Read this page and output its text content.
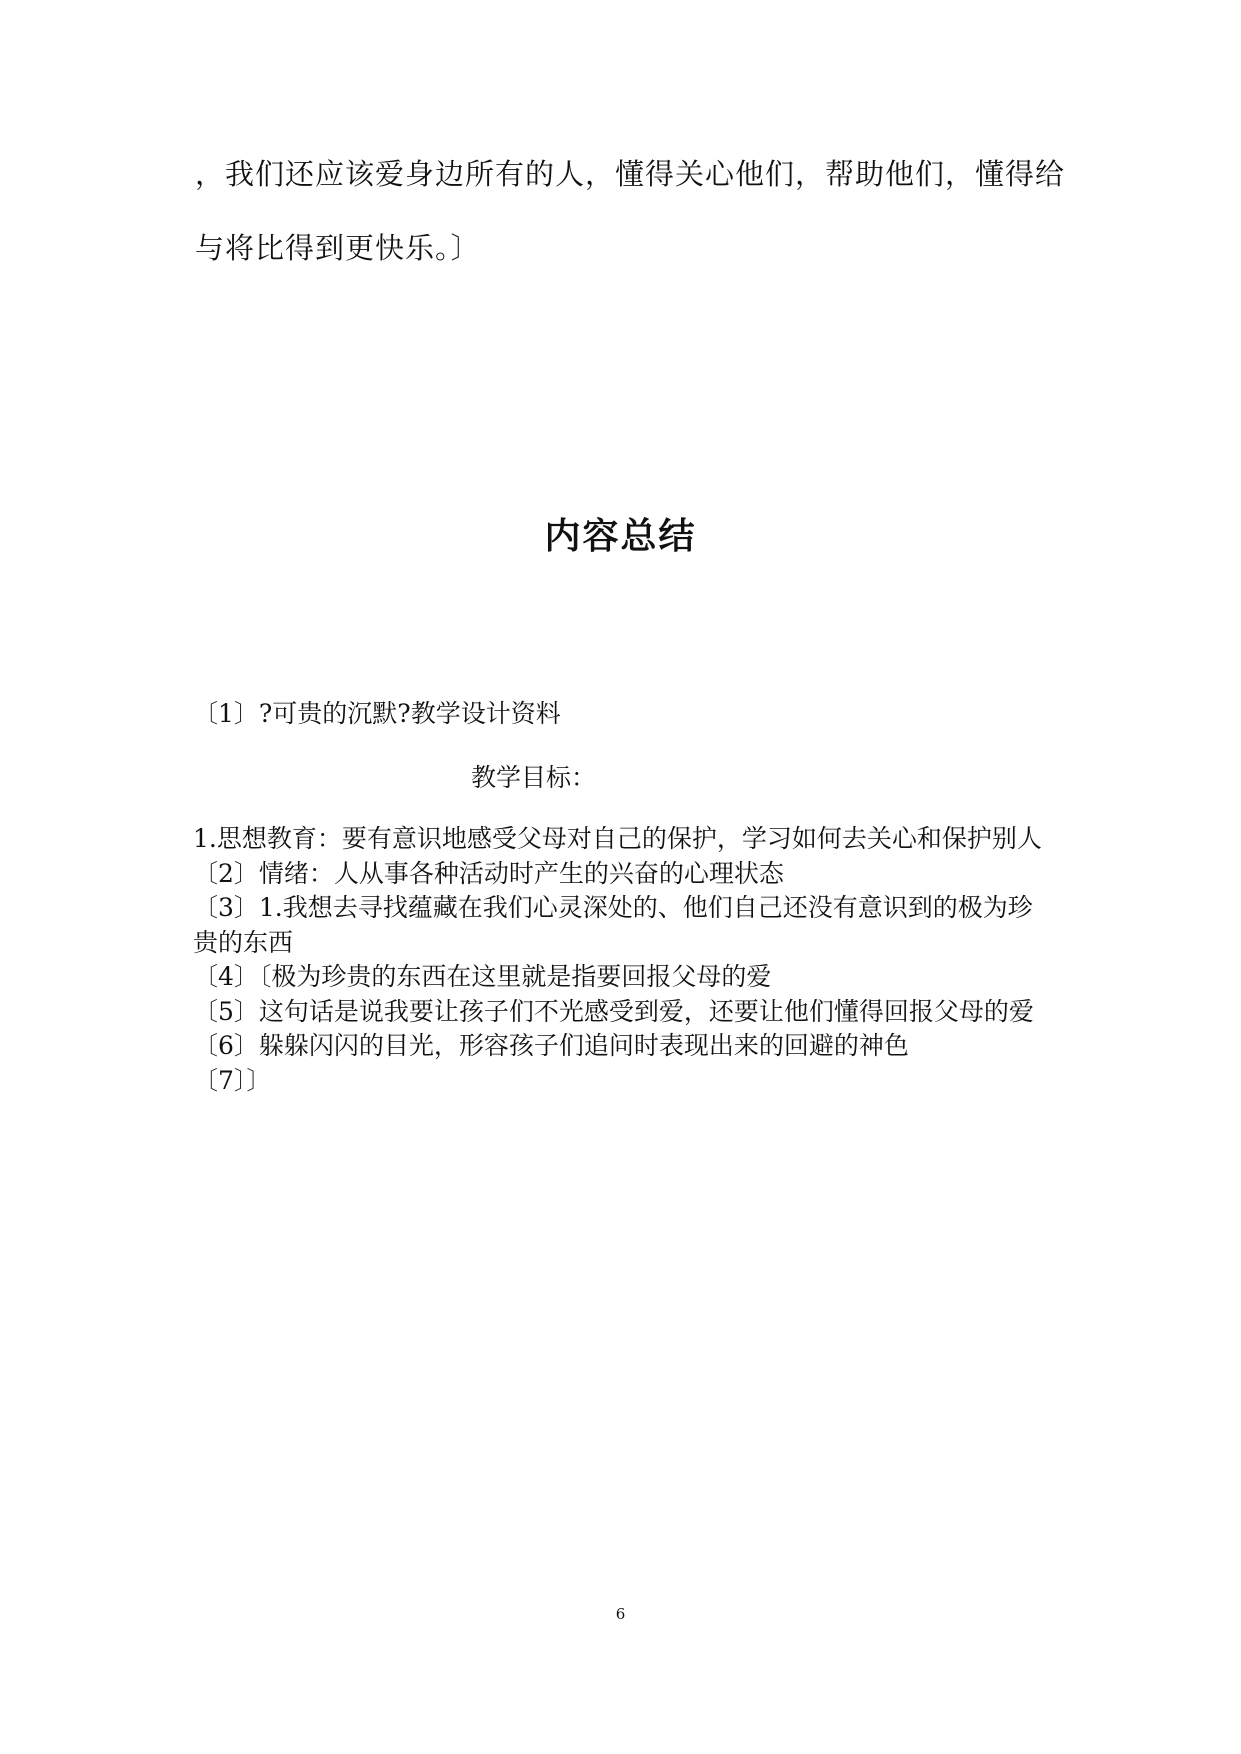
，我们还应该爱身边所有的人，懂得关心他们，帮助他们，懂得给
与将比得到更快乐。〕
内容总结
〔1〕?可贵的沉默?教学设计资料
教学目标：

1.思想教育：要有意识地感受父母对自己的保护，学习如何去关心和保护别人

〔2〕情绪：人从事各种活动时产生的兴奋的心理状态

〔3〕1.我想去寻找蕴藏在我们心灵深处的、他们自己还没有意识到的极为珍贵的东西

〔4〕〔极为珍贵的东西在这里就是指要回报父母的爱

〔5〕这句话是说我要让孩子们不光感受到爱，还要让他们懂得回报父母的爱

〔6〕躲躲闪闪的目光，形容孩子们追问时表现出来的回避的神色

〔7〕〕

6
